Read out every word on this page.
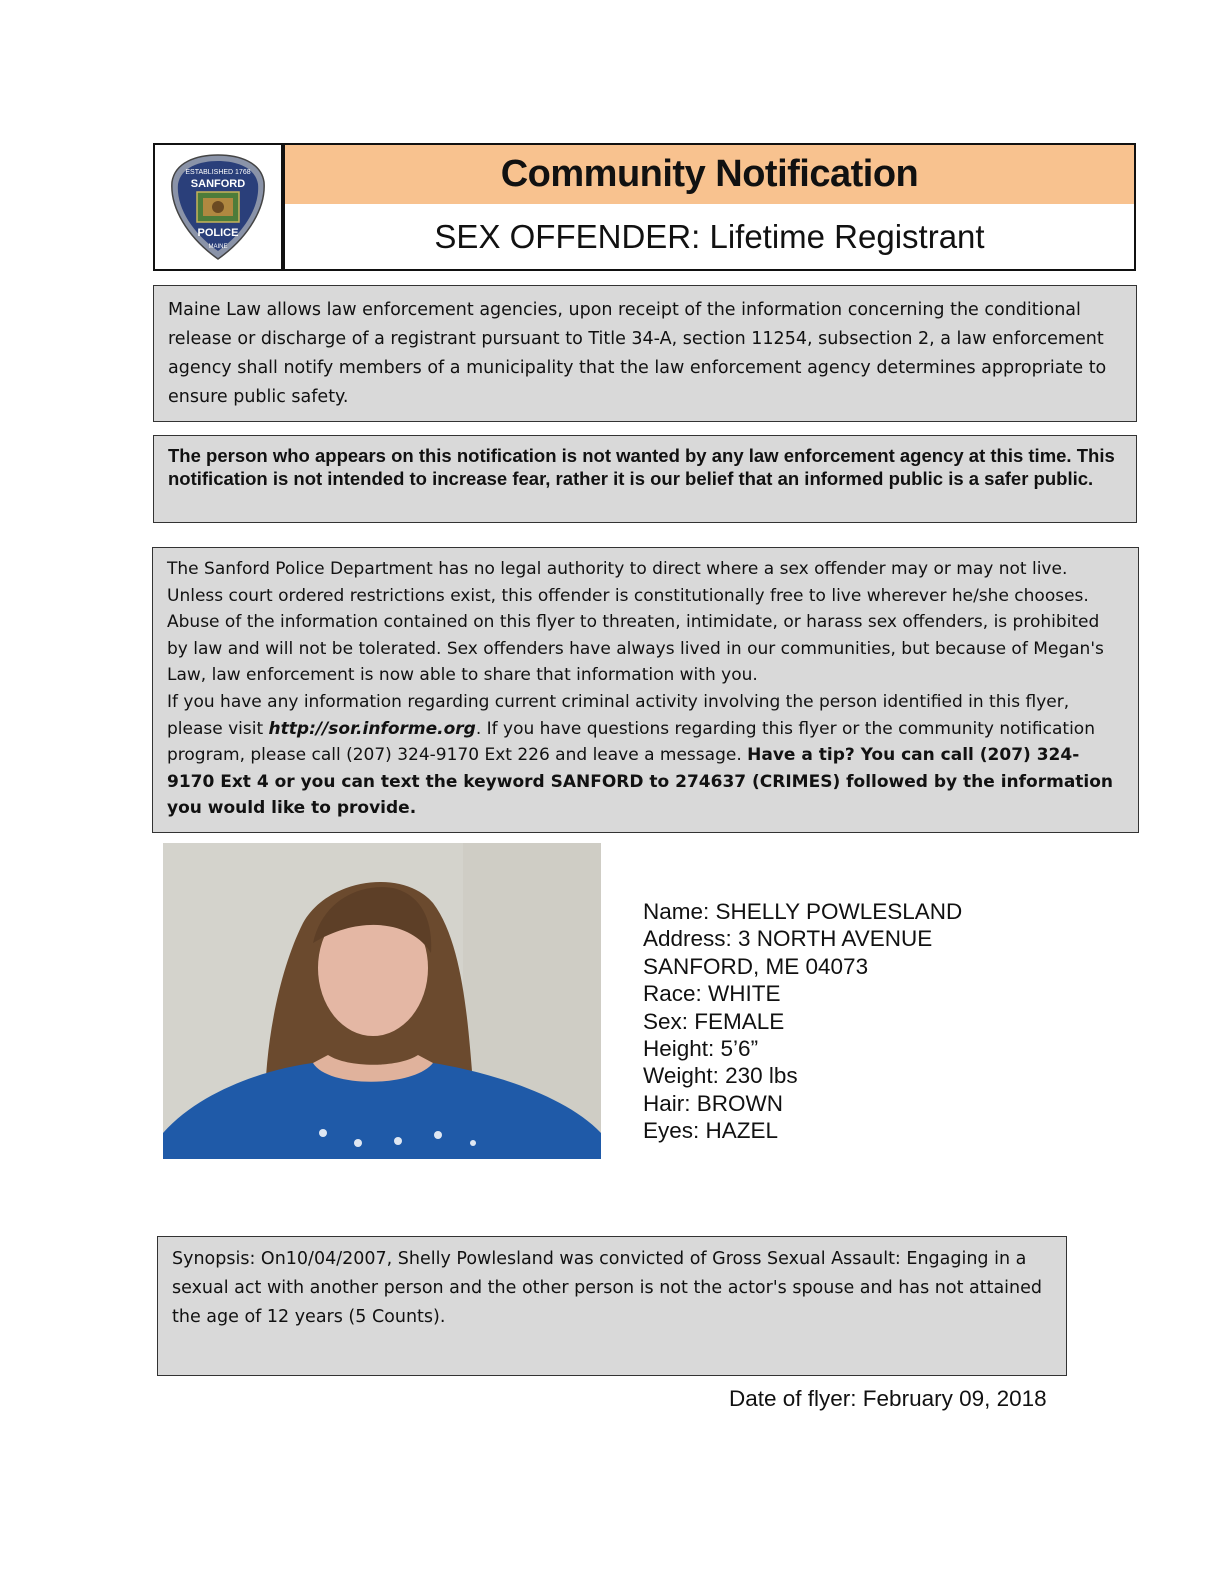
ESTABLISHED 1768
SANFORD
POLICE
MAINE
Community Notification
SEX OFFENDER: Lifetime Registrant
Maine Law allows law enforcement agencies, upon receipt of the information concerning the conditional release or discharge of a registrant pursuant to Title 34-A, section 11254, subsection 2, a law enforcement agency shall notify members of a municipality that the law enforcement agency determines appropriate to ensure public safety.
The person who appears on this notification is not wanted by any law enforcement agency at this time. This notification is not intended to increase fear, rather it is our belief that an informed public is a safer public.

The Sanford Police Department has no legal authority to direct where a sex offender may or may not live. Unless court ordered restrictions exist, this offender is constitutionally free to live wherever he/she chooses. Abuse of the information contained on this flyer to threaten, intimidate, or harass sex offenders, is prohibited by law and will not be tolerated. Sex offenders have always lived in our communities, but because of Megan's Law, law enforcement is now able to share that information with you.

If you have any information regarding current criminal activity involving the person identified in this flyer, please visit http://sor.informe.org. If you have questions regarding this flyer or the community notification program, please call (207) 324-9170 Ext 226 and leave a message. Have a tip? You can call (207) 324-9170 Ext 4 or you can text the keyword SANFORD to 274637 (CRIMES) followed by the information you would like to provide.

Name: SHELLY POWLESLAND
Address: 3 NORTH AVENUE
SANFORD, ME 04073
Race: WHITE
Sex: FEMALE
Height: 5’6”
Weight: 230 lbs
Hair: BROWN
Eyes: HAZEL
Synopsis: On10/04/2007, Shelly Powlesland was convicted of Gross Sexual Assault: Engaging in a sexual act with another person and the other person is not the actor's spouse and has not attained the age of 12 years (5 Counts).
Date of flyer: February 09, 2018
